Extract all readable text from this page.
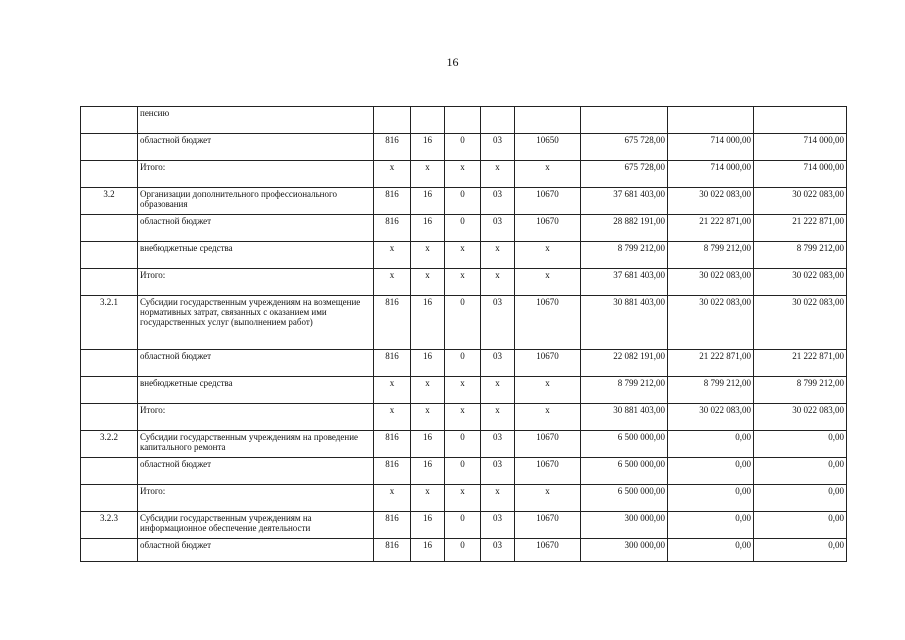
16
	пенсию								
	областной бюджет	816	16	0	03	10650	675 728,00	714 000,00	714 000,00
	Итого:	х	х	х	х	х	675 728,00	714 000,00	714 000,00
3.2	Организации дополнительного профессионального образования	816	16	0	03	10670	37 681 403,00	30 022 083,00	30 022 083,00
	областной бюджет	816	16	0	03	10670	28 882 191,00	21 222 871,00	21 222 871,00
	внебюджетные средства	х	х	х	х	х	8 799 212,00	8 799 212,00	8 799 212,00
	Итого:	х	х	х	х	х	37 681 403,00	30 022 083,00	30 022 083,00
3.2.1	Субсидии государственным учреждениям на возмещение нормативных затрат, связанных с оказанием ими государственных услуг (выполнением работ)	816	16	0	03	10670	30 881 403,00	30 022 083,00	30 022 083,00
	областной бюджет	816	16	0	03	10670	22 082 191,00	21 222 871,00	21 222 871,00
	внебюджетные средства	х	х	х	х	х	8 799 212,00	8 799 212,00	8 799 212,00
	Итого:	х	х	х	х	х	30 881 403,00	30 022 083,00	30 022 083,00
3.2.2	Субсидии государственным учреждениям на проведение капитального ремонта	816	16	0	03	10670	6 500 000,00	0,00	0,00
	областной бюджет	816	16	0	03	10670	6 500 000,00	0,00	0,00
	Итого:	х	х	х	х	х	6 500 000,00	0,00	0,00
3.2.3	Субсидии государственным учреждениям на информационное обеспечение деятельности	816	16	0	03	10670	300 000,00	0,00	0,00
	областной бюджет	816	16	0	03	10670	300 000,00	0,00	0,00
